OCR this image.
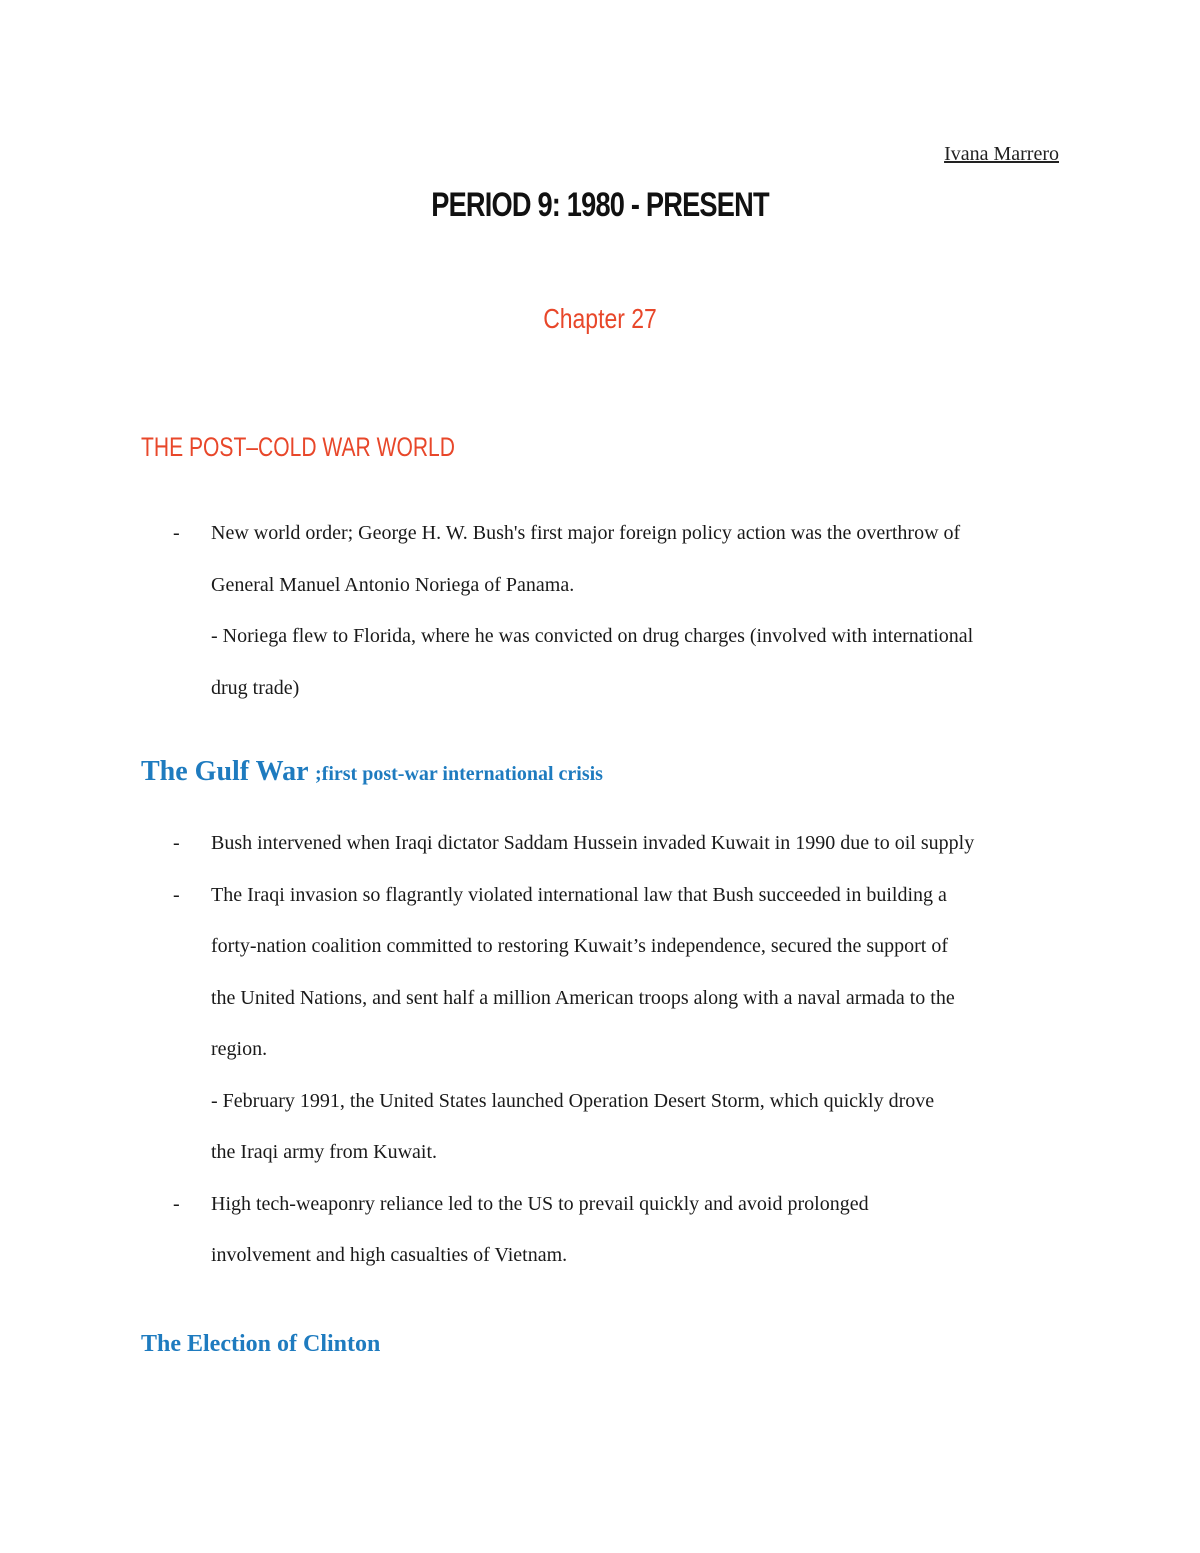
Ivana Marrero
PERIOD 9: 1980 - PRESENT
Chapter 27
THE POST–COLD WAR WORLD
- New world order; George H. W. Bush's first major foreign policy action was the overthrow of
General Manuel Antonio Noriega of Panama.
- Noriega flew to Florida, where he was convicted on drug charges (involved with international
drug trade)
The Gulf War ;first post-war international crisis
- Bush intervened when Iraqi dictator Saddam Hussein invaded Kuwait in 1990 due to oil supply
- The Iraqi invasion so flagrantly violated international law that Bush succeeded in building a
forty-nation coalition committed to restoring Kuwait’s independence, secured the support of
the United Nations, and sent half a million American troops along with a naval armada to the
region.
- February 1991, the United States launched Operation Desert Storm, which quickly drove
the Iraqi army from Kuwait.
- High tech-weaponry reliance led to the US to prevail quickly and avoid prolonged
involvement and high casualties of Vietnam.
The Election of Clinton
